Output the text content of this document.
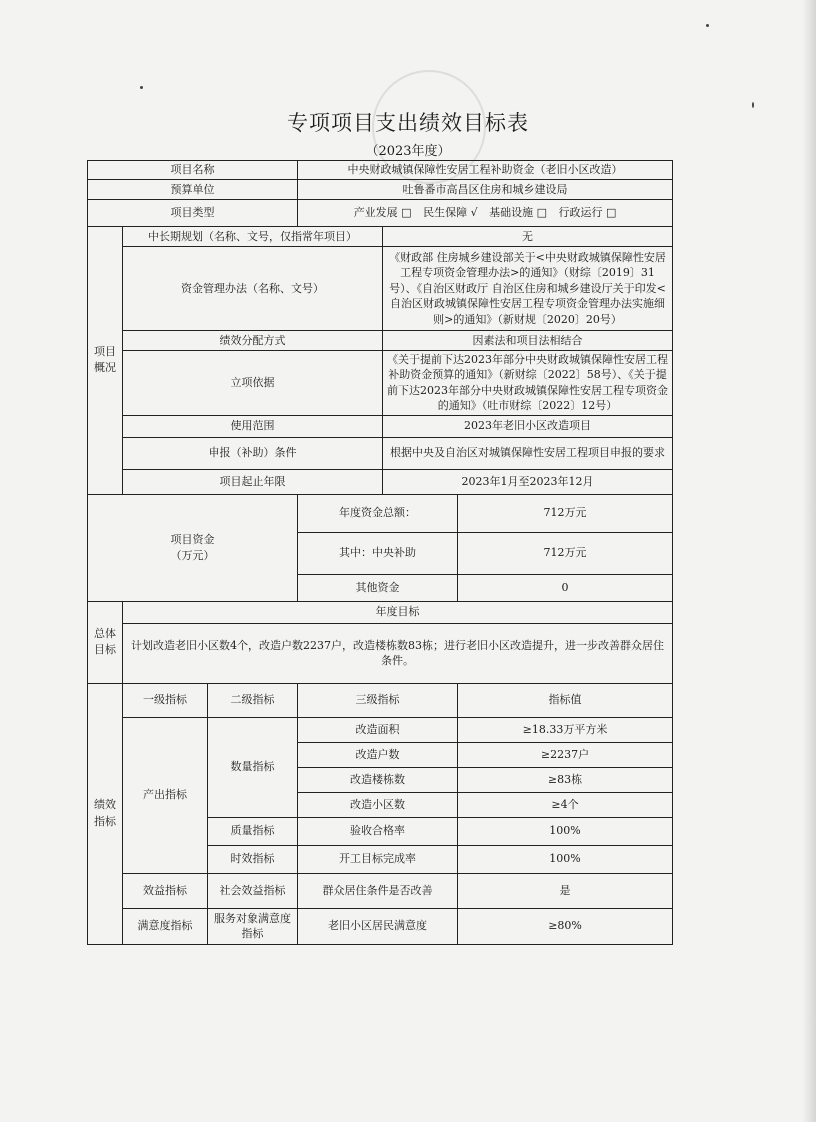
专项项目支出绩效目标表
（2023年度）
项目名称			中央财政城镇保障性安居工程补助资金（老旧小区改造）		
预算单位			吐鲁番市高昌区住房和城乡建设局		
项目类型			产业发展 □ 民生保障 √ 基础设施 □ 行政运行 □		
项目概况	中长期规划（名称、文号，仅指常年项目）			无	
	资金管理办法（名称、文号）			《财政部 住房城乡建设部关于<中央财政城镇保障性安居工程专项资金管理办法>的通知》（财综〔2019〕31号）、《自治区财政厅 自治区住房和城乡建设厅关于印发<自治区财政城镇保障性安居工程专项资金管理办法实施细则>的通知》（新财规〔2020〕20号）	
	绩效分配方式			因素法和项目法相结合	
	立项依据			《关于提前下达2023年部分中央财政城镇保障性安居工程补助资金预算的通知》（新财综〔2022〕58号）、《关于提前下达2023年部分中央财政城镇保障性安居工程专项资金的通知》（吐市财综〔2022〕12号）	
	使用范围			2023年老旧小区改造项目	
	申报（补助）条件			根据中央及自治区对城镇保障性安居工程项目申报的要求	
	项目起止年限			2023年1月至2023年12月	

项目资金
（万元）			年度资金总额：		712万元
			其中：中央补助		712万元
			其他资金		0
总体目标	年度目标				
	计划改造老旧小区数4个，改造户数2237户，改造楼栋数83栋；进行老旧小区改造提升，进一步改善群众居住条件。				
绩效指标	一级指标	二级指标	三级指标		指标值
	产出指标	数量指标	改造面积		≥18.33万平方米
			改造户数		≥2237户
			改造楼栋数		≥83栋
			改造小区数		≥4个
		质量指标	验收合格率		100%
		时效指标	开工目标完成率		100%
	效益指标	社会效益指标	群众居住条件是否改善		是
	满意度指标	服务对象满意度指标	老旧小区居民满意度		≥80%
